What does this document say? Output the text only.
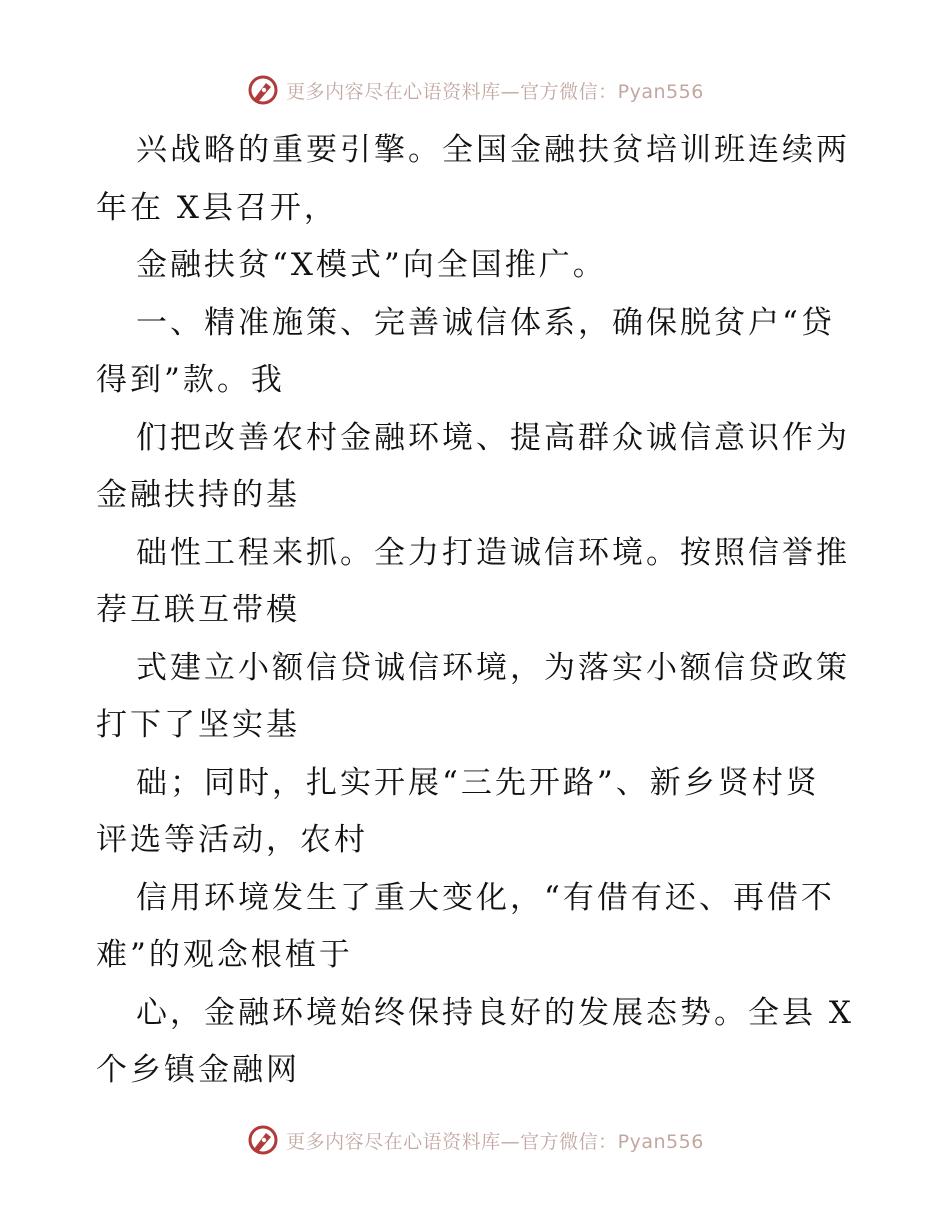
更多内容尽在心语资料库—官方微信：Pyan556
兴战略的重要引擎。全国金融扶贫培训班连续两
年在 X县召开，
金融扶贫“X模式”向全国推广。
一、精准施策、完善诚信体系，确保脱贫户“贷
得到”款。我
们把改善农村金融环境、提高群众诚信意识作为
金融扶持的基
础性工程来抓。全力打造诚信环境。按照信誉推
荐互联互带模
式建立小额信贷诚信环境，为落实小额信贷政策
打下了坚实基
础；同时，扎实开展“三先开路”、新乡贤村贤
评选等活动，农村
信用环境发生了重大变化，“有借有还、再借不
难”的观念根植于
心，金融环境始终保持良好的发展态势。全县 X
个乡镇金融网
更多内容尽在心语资料库—官方微信：Pyan556
